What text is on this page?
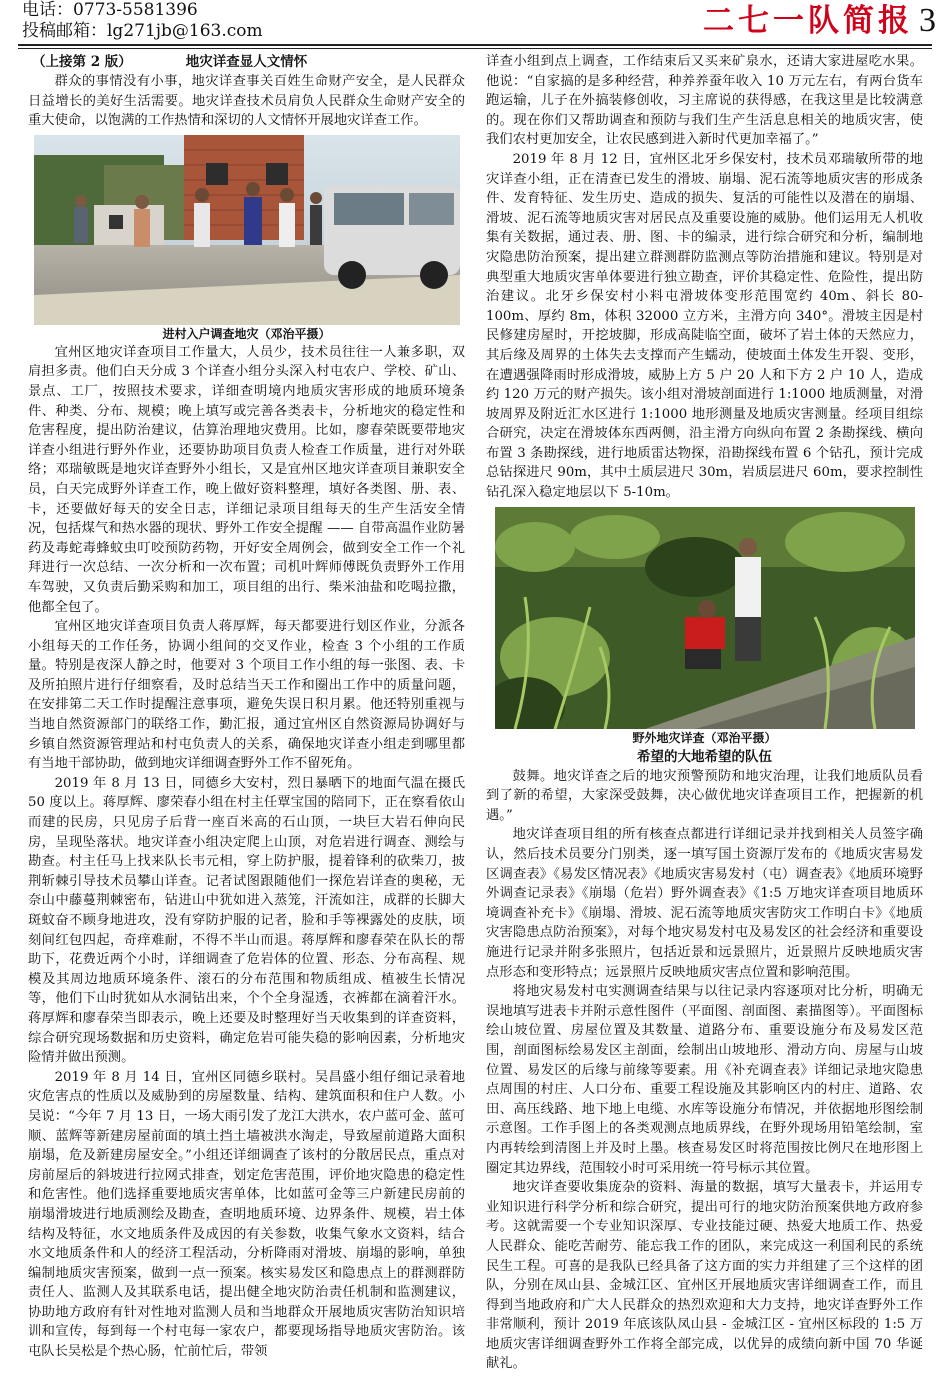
电话：0773-5581396
投稿邮箱：lg271jb@163.com	二七一队简报 3
（上接第 2 版）	地灾详查显人文情怀

群众的事情没有小事，地灾详查事关百姓生命财产安全，是人民群众日益增长的美好生活需要。地灾详查技术员肩负人民群众生命财产安全的重大使命，以饱满的工作热情和深切的人文情怀开展地灾详查工作。

进村入户调查地灾（邓治平摄）

宜州区地灾详查项目工作量大，人员少，技术员往往一人兼多职，双肩担多责。他们白天分成 3 个详查小组分头深入村屯农户、学校、矿山、景点、工厂，按照技术要求，详细查明境内地质灾害形成的地质环境条件、种类、分布、规模；晚上填写或完善各类表卡，分析地灾的稳定性和危害程度，提出防治建议，估算治理地灾费用。比如，廖春荣既要带地灾详查小组进行野外作业，还要协助项目负责人检查工作质量，进行对外联络；邓瑞敏既是地灾详查野外小组长，又是宜州区地灾详查项目兼职安全员，白天完成野外详查工作，晚上做好资料整理，填好各类图、册、表、卡，还要做好每天的安全日志，详细记录项目组每天的生产生活安全情况，包括煤气和热水器的现状、野外工作安全提醒 —— 自带高温作业防暑药及毒蛇毒蜂蚊虫叮咬预防药物，开好安全周例会，做到安全工作一个礼拜进行一次总结、一次分析和一次布置；司机叶辉师傅既负责野外工作用车驾驶，又负责后勤采购和加工，项目组的出行、柴米油盐和吃喝拉撒，他都全包了。

宜州区地灾详查项目负责人蒋厚辉，每天都要进行划区作业，分派各小组每天的工作任务，协调小组间的交叉作业，检查 3 个小组的工作质量。特别是夜深人静之时，他要对 3 个项目工作小组的每一张图、表、卡及所拍照片进行仔细察看，及时总结当天工作和圈出工作中的质量问题，在安排第二天工作时提醒注意事项，避免失误日积月累。他还特别重视与当地自然资源部门的联络工作，勤汇报，通过宜州区自然资源局协调好与乡镇自然资源管理站和村屯负责人的关系，确保地灾详查小组走到哪里都有当地干部协助，做到地灾详细调查野外工作不留死角。

2019 年 8 月 13 日，同德乡大安村，烈日暴晒下的地面气温在摄氏 50 度以上。蒋厚辉、廖荣春小组在村主任覃宝国的陪同下，正在察看依山而建的民房，只见房子后背一座百米高的石山顶，一块巨大岩石伸向民房，呈现坠落状。地灾详查小组决定爬上山顶，对危岩进行调查、测绘与勘查。村主任马上找来队长韦元相，穿上防护服，提着锋利的砍柴刀，披荆斩棘引导技术员攀山详查。记者试图跟随他们一探危岩详查的奥秘，无奈山中藤蔓荆棘密布，钻进山中犹如进入蒸笼，汗流如注，成群的长脚大斑蚊奋不顾身地进攻，没有穿防护服的记者，脸和手等裸露处的皮肤，顷刻间红包四起，奇痒难耐，不得不半山而退。蒋厚辉和廖春荣在队长的帮助下，花费近两个小时，详细调查了危岩体的位置、形态、分布高程、规模及其周边地质环境条件、滚石的分布范围和物质组成、植被生长情况等，他们下山时犹如从水洞钻出来，个个全身湿透，衣裤都在滴着汗水。蒋厚辉和廖春荣当即表示，晚上还要及时整理好当天收集到的详查资料，综合研究现场数据和历史资料，确定危岩可能失稳的影响因素，分析地灾险情并做出预测。

2019 年 8 月 14 日，宜州区同德乡联村。吴昌盛小组仔细记录着地灾危害点的性质以及威胁到的房屋数量、结构、建筑面积和住户人数。小吴说：“今年 7 月 13 日，一场大雨引发了龙江大洪水，农户蓝可金、蓝可顺、蓝辉等新建房屋前面的填土挡土墙被洪水淘走，导致屋前道路大面积崩塌，危及新建房屋安全。”小组还详细调查了该村的分散居民点，重点对房前屋后的斜坡进行拉网式排查，划定危害范围，评价地灾隐患的稳定性和危害性。他们选择重要地质灾害单体，比如蓝可金等三户新建民房前的崩塌滑坡进行地质测绘及勘查，查明地质环境、边界条件、规模，岩土体结构及特征，水文地质条件及成因的有关参数，收集气象水文资料，结合水文地质条件和人的经济工程活动，分析降雨对滑坡、崩塌的影响，单独编制地质灾害预案，做到一点一预案。核实易发区和隐患点上的群测群防责任人、监测人及其联系电话，提出健全地灾防治责任机制和监测建议，协助地方政府有针对性地对监测人员和当地群众开展地质灾害防治知识培训和宣传，每到每一个村屯每一家农户，都要现场指导地质灾害防治。该屯队长吴松是个热心肠，忙前忙后，带领

详查小组到点上调查，工作结束后又买来矿泉水，还请大家进屋吃水果。他说：“自家搞的是多种经营，种养养蚕年收入 10 万元左右，有两台货车跑运输，儿子在外搞装修创收，习主席说的获得感，在我这里是比较满意的。现在你们又帮助调查和预防与我们生产生活息息相关的地质灾害，使我们农村更加安全，让农民感到进入新时代更加幸福了。”

2019 年 8 月 12 日，宜州区北牙乡保安村，技术员邓瑞敏所带的地灾详查小组，正在清查已发生的滑坡、崩塌、泥石流等地质灾害的形成条件、发育特征、发生历史、造成的损失、复活的可能性以及潜在的崩塌、滑坡、泥石流等地质灾害对居民点及重要设施的威胁。他们运用无人机收集有关数据，通过表、册、图、卡的编录，进行综合研究和分析，编制地灾隐患防治预案，提出建立群测群防监测点等防治措施和建议。特别是对典型重大地质灾害单体要进行独立勘查，评价其稳定性、危险性，提出防治建议。北牙乡保安村小料屯滑坡体变形范围宽约 40m、斜长 80-100m、厚约 8m，体积 32000 立方米，主滑方向 340°。滑坡主因是村民修建房屋时，开挖坡脚，形成高陡临空面，破坏了岩土体的天然应力，其后缘及周界的土体失去支撑而产生蠕动，使坡面土体发生开裂、变形，在遭遇强降雨时形成滑坡，威胁上方 5 户 20 人和下方 2 户 10 人，造成约 120 万元的财产损失。该小组对滑坡剖面进行 1:1000 地质测量，对滑坡周界及附近汇水区进行 1:1000 地形测量及地质灾害测量。经项目组综合研究，决定在滑坡体东西两侧，沿主滑方向纵向布置 2 条勘探线、横向布置 3 条勘探线，进行地质雷达物探，沿勘探线布置 6 个钻孔，预计完成总钻探进尺 90m，其中土质层进尺 30m，岩质层进尺 60m，要求控制性钻孔深入稳定地层以下 5-10m。

野外地灾详查（邓治平摄）
希望的大地希望的队伍

鼓舞。地灾详查之后的地灾预警预防和地灾治理，让我们地质队员看到了新的希望，大家深受鼓舞，决心做优地灾详查项目工作，把握新的机遇。”

地灾详查项目组的所有核查点都进行详细记录并找到相关人员签字确认，然后技术员要分门别类，逐一填写国土资源厅发布的《地质灾害易发区调查表》《易发区情况表》《地质灾害易发村（屯）调查表》《地质环境野外调查记录表》《崩塌（危岩）野外调查表》《1:5 万地灾详查项目地质环境调查补充卡》《崩塌、滑坡、泥石流等地质灾害防灾工作明白卡》《地质灾害隐患点防治预案》，对每个地灾易发村屯及易发区的社会经济和重要设施进行记录并附多张照片，包括近景和远景照片，近景照片反映地质灾害点形态和变形特点；远景照片反映地质灾害点位置和影响范围。

将地灾易发村屯实测调查结果与以往记录内容逐项对比分析，明确无误地填写进表卡并附示意性图件（平面图、剖面图、素描图等）。平面图标绘山坡位置、房屋位置及其数量、道路分布、重要设施分布及易发区范围，剖面图标绘易发区主剖面，绘制出山坡地形、滑动方向、房屋与山坡位置、易发区的后缘与前缘等要素。用《补充调查表》详细记录地灾隐患点周围的村庄、人口分布、重要工程设施及其影响区内的村庄、道路、农田、高压线路、地下地上电缆、水库等设施分布情况，并依据地形图绘制示意图。工作手图上的各类观测点地质界线，在野外现场用铅笔绘制，室内再转绘到清图上并及时上墨。核查易发区时将范围按比例尺在地形图上圈定其边界线，范围较小时可采用统一符号标示其位置。

地灾详查要收集庞杂的资料、海量的数据，填写大量表卡，并运用专业知识进行科学分析和综合研究，提出可行的地灾防治预案供地方政府参考。这就需要一个专业知识深厚、专业技能过硬、热爱大地质工作、热爱人民群众、能吃苦耐劳、能忘我工作的团队，来完成这一利国利民的系统民生工程。可喜的是我队已经具备了这方面的实力并组建了三个这样的团队，分别在凤山县、金城江区、宜州区开展地质灾害详细调查工作，而且得到当地政府和广大人民群众的热烈欢迎和大力支持，地灾详查野外工作非常顺利，预计 2019 年底该队凤山县 - 金城江区 - 宜州区标段的 1:5 万地质灾害详细调查野外工作将全部完成，以优异的成绩向新中国 70 华诞献礼。
